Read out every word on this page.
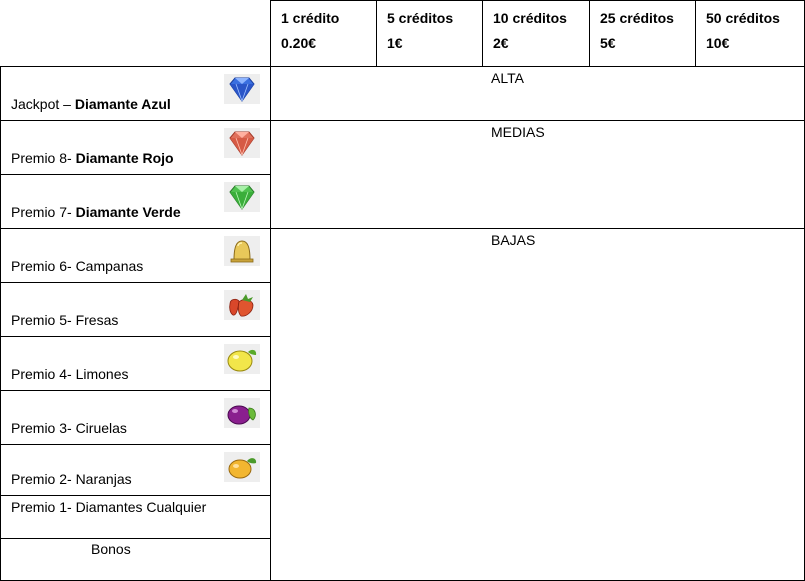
1 crédito
0.20€
5 créditos
1€
10 créditos
2€
25 créditos
5€
50 créditos
10€
Jackpot – Diamante Azul
Premio 8- Diamante Rojo
Premio 7- Diamante Verde
Premio 6- Campanas
Premio 5- Fresas
Premio 4- Limones
Premio 3- Ciruelas
Premio 2- Naranjas
Premio 1- Diamantes Cualquier
Bonos
ALTA
MEDIAS
BAJAS
